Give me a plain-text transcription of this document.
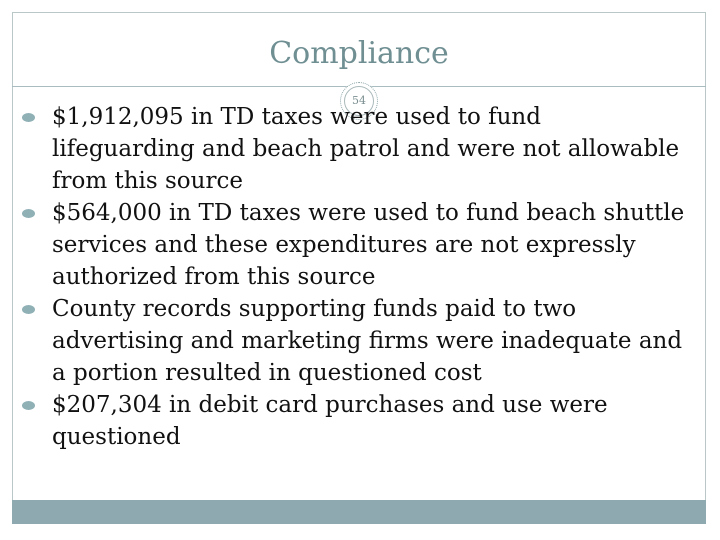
Compliance
54
$1,912,095 in TD taxes were used to fund lifeguarding and beach patrol and were not allowable from this source
$564,000 in TD taxes were used to fund beach shuttle services and these expenditures are not expressly authorized from this source
County records supporting funds paid to two advertising and marketing firms were inadequate and a portion resulted in questioned cost
$207,304 in debit card purchases and use were questioned
